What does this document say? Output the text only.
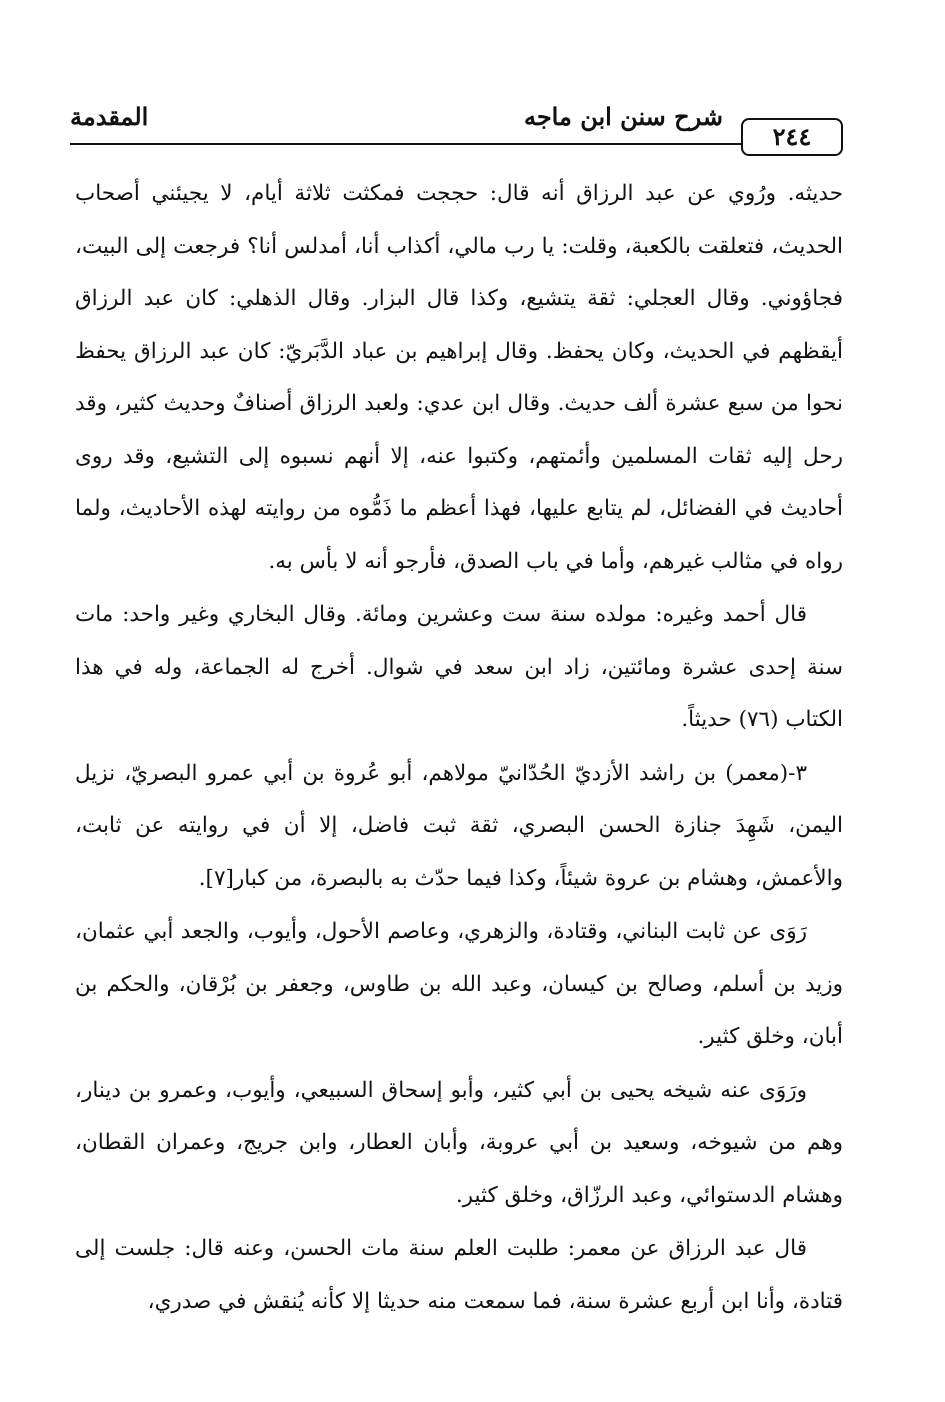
المقدمة	شرح سنن ابن ماجه
٢٤٤

حديثه. ورُوي عن عبد الرزاق أنه قال: حججت فمكثت ثلاثة أيام، لا يجيئني أصحاب الحديث، فتعلقت بالكعبة، وقلت: يا رب مالي، أكذاب أنا، أمدلس أنا؟ فرجعت إلى البيت، فجاؤوني. وقال العجلي: ثقة يتشيع، وكذا قال البزار. وقال الذهلي: كان عبد الرزاق أيقظهم في الحديث، وكان يحفظ. وقال إبراهيم بن عباد الدَّبَريّ: كان عبد الرزاق يحفظ نحوا من سبع عشرة ألف حديث. وقال ابن عدي: ولعبد الرزاق أصنافٌ وحديث كثير، وقد رحل إليه ثقات المسلمين وأئمتهم، وكتبوا عنه، إلا أنهم نسبوه إلى التشيع، وقد روى أحاديث في الفضائل، لم يتابع عليها، فهذا أعظم ما ذَمُّوه من روايته لهذه الأحاديث، ولما رواه في مثالب غيرهم، وأما في باب الصدق، فأرجو أنه لا بأس به.

قال أحمد وغيره: مولده سنة ست وعشرين ومائة. وقال البخاري وغير واحد: مات سنة إحدى عشرة ومائتين، زاد ابن سعد في شوال. أخرج له الجماعة، وله في هذا الكتاب (٧٦) حديثاً.

٣-(معمر) بن راشد الأزديّ الحُدّانيّ مولاهم، أبو عُروة بن أبي عمرو البصريّ، نزيل اليمن، شَهِدَ جنازة الحسن البصري، ثقة ثبت فاضل، إلا أن في روايته عن ثابت، والأعمش، وهشام بن عروة شيئاً، وكذا فيما حدّث به بالبصرة، من كبار[٧].

رَوَى عن ثابت البناني، وقتادة، والزهري، وعاصم الأحول، وأيوب، والجعد أبي عثمان، وزيد بن أسلم، وصالح بن كيسان، وعبد الله بن طاوس، وجعفر بن بُرْقان، والحكم بن أبان، وخلق كثير.

ورَوَى عنه شيخه يحيى بن أبي كثير، وأبو إسحاق السبيعي، وأيوب، وعمرو بن دينار، وهم من شيوخه، وسعيد بن أبي عروبة، وأبان العطار، وابن جريج، وعمران القطان، وهشام الدستوائي، وعبد الرزّاق، وخلق كثير.

قال عبد الرزاق عن معمر: طلبت العلم سنة مات الحسن، وعنه قال: جلست إلى قتادة، وأنا ابن أربع عشرة سنة، فما سمعت منه حديثا إلا كأنه يُنقش في صدري،
